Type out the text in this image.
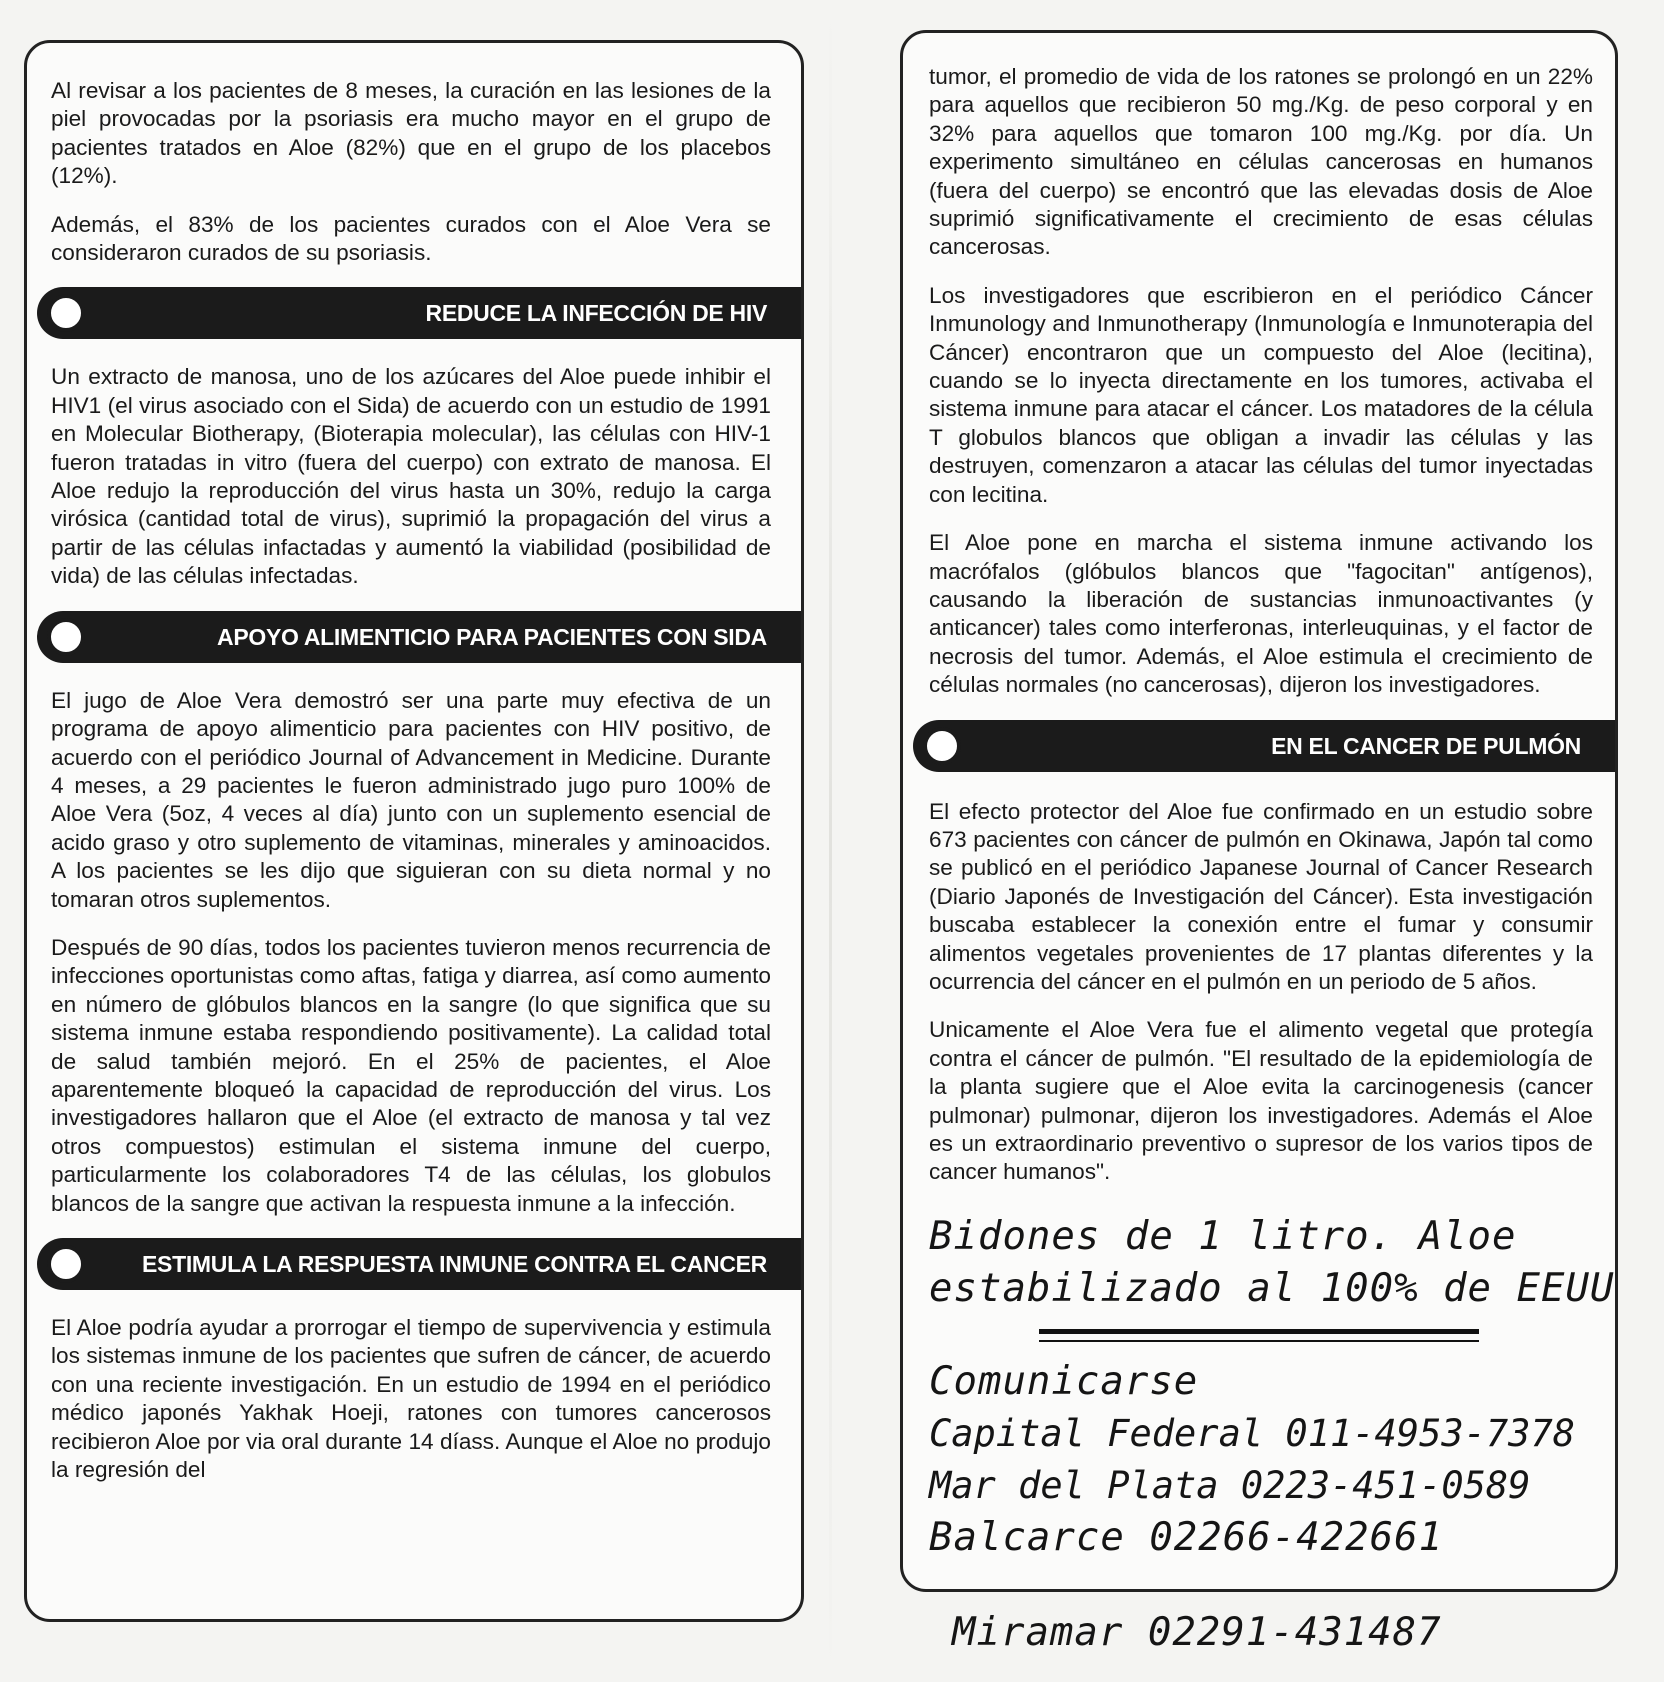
Al revisar a los pacientes de 8 meses, la curación en las lesiones de la piel provocadas por la psoriasis era mucho mayor en el grupo de pacientes tratados en Aloe (82%) que en el grupo de los placebos (12%).

Además, el 83% de los pacientes curados con el Aloe Vera se consideraron curados de su psoriasis.

REDUCE LA INFECCIÓN DE HIV

Un extracto de manosa, uno de los azúcares del Aloe puede inhibir el HIV1 (el virus asociado con el Sida) de acuerdo con un estudio de 1991 en Molecular Biotherapy, (Bioterapia molecular), las células con HIV-1 fueron tratadas in vitro (fuera del cuerpo) con extrato de manosa. El Aloe redujo la reproducción del virus hasta un 30%, redujo la carga virósica (cantidad total de virus), suprimió la propagación del virus a partir de las células infactadas y aumentó la viabilidad (posibilidad de vida) de las células infectadas.

APOYO ALIMENTICIO PARA PACIENTES CON SIDA

El jugo de Aloe Vera demostró ser una parte muy efectiva de un programa de apoyo alimenticio para pacientes con HIV positivo, de acuerdo con el periódico Journal of Advancement in Medicine. Durante 4 meses, a 29 pacientes le fueron administrado jugo puro 100% de Aloe Vera (5oz, 4 veces al día) junto con un suplemento esencial de acido graso y otro suplemento de vitaminas, minerales y aminoacidos. A los pacientes se les dijo que siguieran con su dieta normal y no tomaran otros suplementos.

Después de 90 días, todos los pacientes tuvieron menos recurrencia de infecciones oportunistas como aftas, fatiga y diarrea, así como aumento en número de glóbulos blancos en la sangre (lo que significa que su sistema inmune estaba respondiendo positivamente). La calidad total de salud también mejoró. En el 25% de pacientes, el Aloe aparentemente bloqueó la capacidad de reproducción del virus. Los investigadores hallaron que el Aloe (el extracto de manosa y tal vez otros compuestos) estimulan el sistema inmune del cuerpo, particularmente los colaboradores T4 de las células, los globulos blancos de la sangre que activan la respuesta inmune a la infección.

ESTIMULA LA RESPUESTA INMUNE CONTRA EL CANCER

El Aloe podría ayudar a prorrogar el tiempo de supervivencia y estimula los sistemas inmune de los pacientes que sufren de cáncer, de acuerdo con una reciente investigación. En un estudio de 1994 en el periódico médico japonés Yakhak Hoeji, ratones con tumores cancerosos recibieron Aloe por via oral durante 14 díass. Aunque el Aloe no produjo la regresión del

tumor, el promedio de vida de los ratones se prolongó en un 22% para aquellos que recibieron 50 mg./Kg. de peso corporal y en 32% para aquellos que tomaron 100 mg./Kg. por día. Un experimento simultáneo en células cancerosas en humanos (fuera del cuerpo) se encontró que las elevadas dosis de Aloe suprimió significativamente el crecimiento de esas células cancerosas.

Los investigadores que escribieron en el periódico Cáncer Inmunology and Inmunotherapy (Inmunología e Inmunoterapia del Cáncer) encontraron que un compuesto del Aloe (lecitina), cuando se lo inyecta directamente en los tumores, activaba el sistema inmune para atacar el cáncer. Los matadores de la célula T globulos blancos que obligan a invadir las células y las destruyen, comenzaron a atacar las células del tumor inyectadas con lecitina.

El Aloe pone en marcha el sistema inmune activando los macrófalos (glóbulos blancos que "fagocitan" antígenos), causando la liberación de sustancias inmunoactivantes (y anticancer) tales como interferonas, interleuquinas, y el factor de necrosis del tumor. Además, el Aloe estimula el crecimiento de células normales (no cancerosas), dijeron los investigadores.

EN EL CANCER DE PULMÓN

El efecto protector del Aloe fue confirmado en un estudio sobre 673 pacientes con cáncer de pulmón en Okinawa, Japón tal como se publicó en el periódico Japanese Journal of Cancer Research (Diario Japonés de Investigación del Cáncer). Esta investigación buscaba establecer la conexión entre el fumar y consumir alimentos vegetales provenientes de 17 plantas diferentes y la ocurrencia del cáncer en el pulmón en un periodo de 5 años.

Unicamente el Aloe Vera fue el alimento vegetal que protegía contra el cáncer de pulmón. "El resultado de la epidemiología de la planta sugiere que el Aloe evita la carcinogenesis (cancer pulmonar) pulmonar, dijeron los investigadores. Además el Aloe es un extraordinario preventivo o supresor de los varios tipos de cancer humanos".

Bidones de 1 litro. Aloe
estabilizado al 100% de EEUU
Comunicarse
Capital Federal 011-4953-7378
Mar del Plata 0223-451-0589
Balcarce 02266-422661
Miramar 02291-431487
